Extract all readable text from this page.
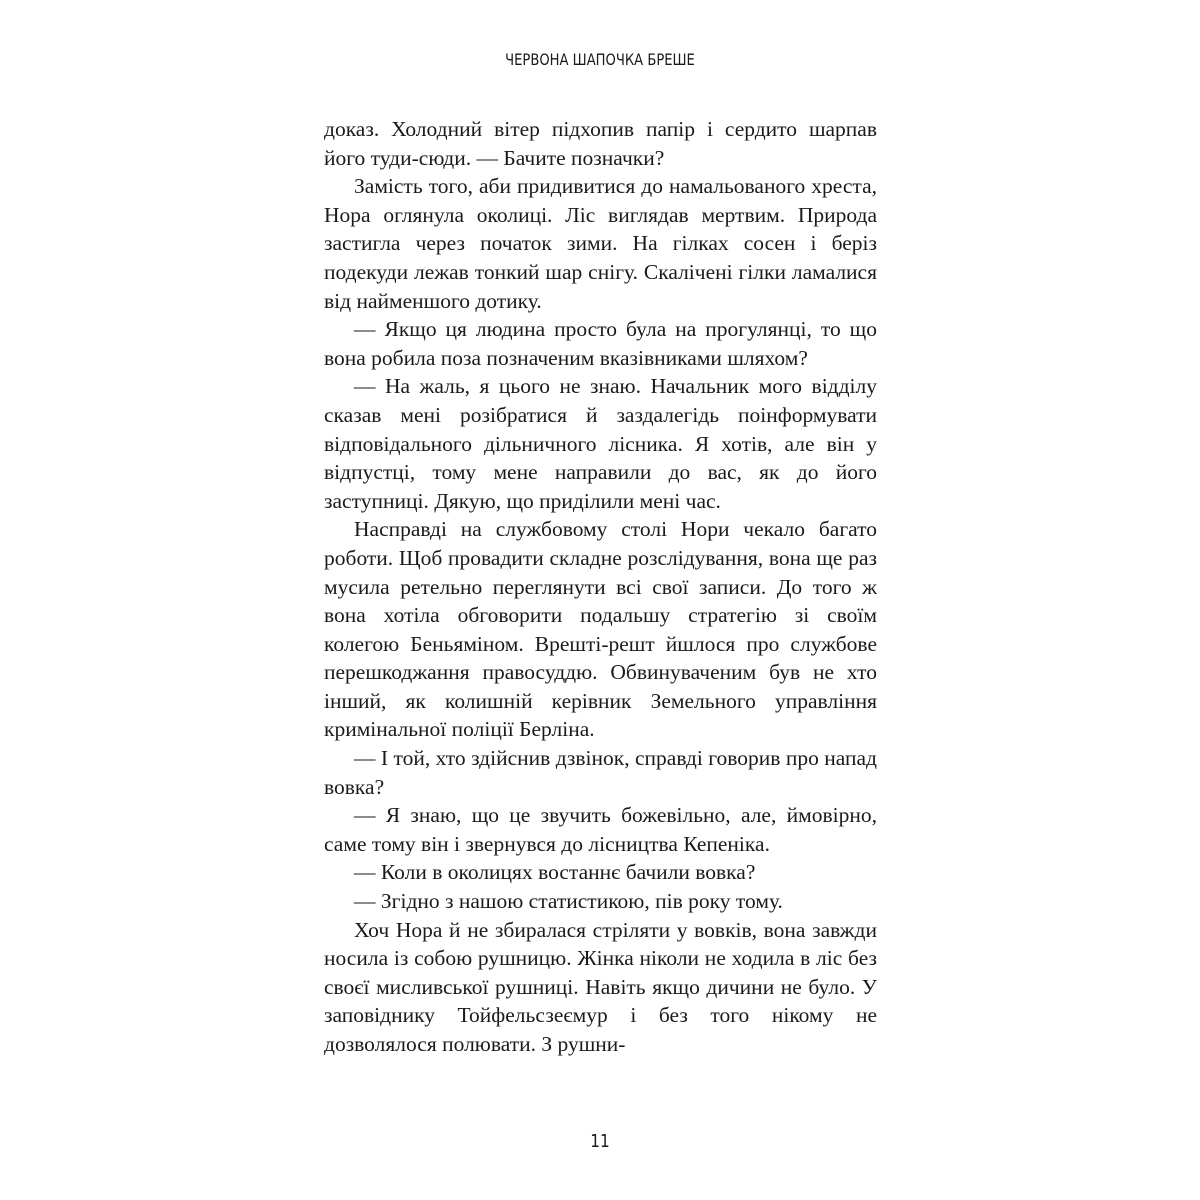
ЧЕРВОНА ШАПОЧКА БРЕШЕ

доказ. Холодний вітер підхопив папір і сердито шарпав його туди-сюди. — Бачите позначки?

Замість того, аби придивитися до намальованого хреста, Нора оглянула околиці. Ліс виглядав мертвим. Природа застигла через початок зими. На гілках сосен і беріз подекуди лежав тонкий шар снігу. Скалічені гілки ламалися від найменшого дотику.

— Якщо ця людина просто була на прогулянці, то що вона робила поза позначеним вказівниками шляхом?

— На жаль, я цього не знаю. Начальник мого відділу сказав мені розібратися й заздалегідь поінформувати відповідального дільничного лісника. Я хотів, але він у відпустці, тому мене направили до вас, як до його заступниці. Дякую, що приділили мені час.

Насправді на службовому столі Нори чекало багато роботи. Щоб провадити складне розслідування, вона ще раз мусила ретельно переглянути всі свої записи. До того ж вона хотіла обговорити подальшу стратегію зі своїм колегою Беньяміном. Врешті-решт йшлося про службове перешкоджання правосуддю. Обвинуваченим був не хто інший, як колишній керівник Земельного управління кримінальної поліції Берліна.

— І той, хто здійснив дзвінок, справді говорив про напад вовка?

— Я знаю, що це звучить божевільно, але, ймовірно, саме тому він і звернувся до лісництва Кепеніка.

— Коли в околицях востаннє бачили вовка?

— Згідно з нашою статистикою, пів року тому.

Хоч Нора й не збиралася стріляти у вовків, вона завжди носила із собою рушницю. Жінка ніколи не ходила в ліс без своєї мисливської рушниці. Навіть якщо дичини не було. У заповіднику Тойфельсзеємур і без того нікому не дозволялося полювати. З рушни-

11
